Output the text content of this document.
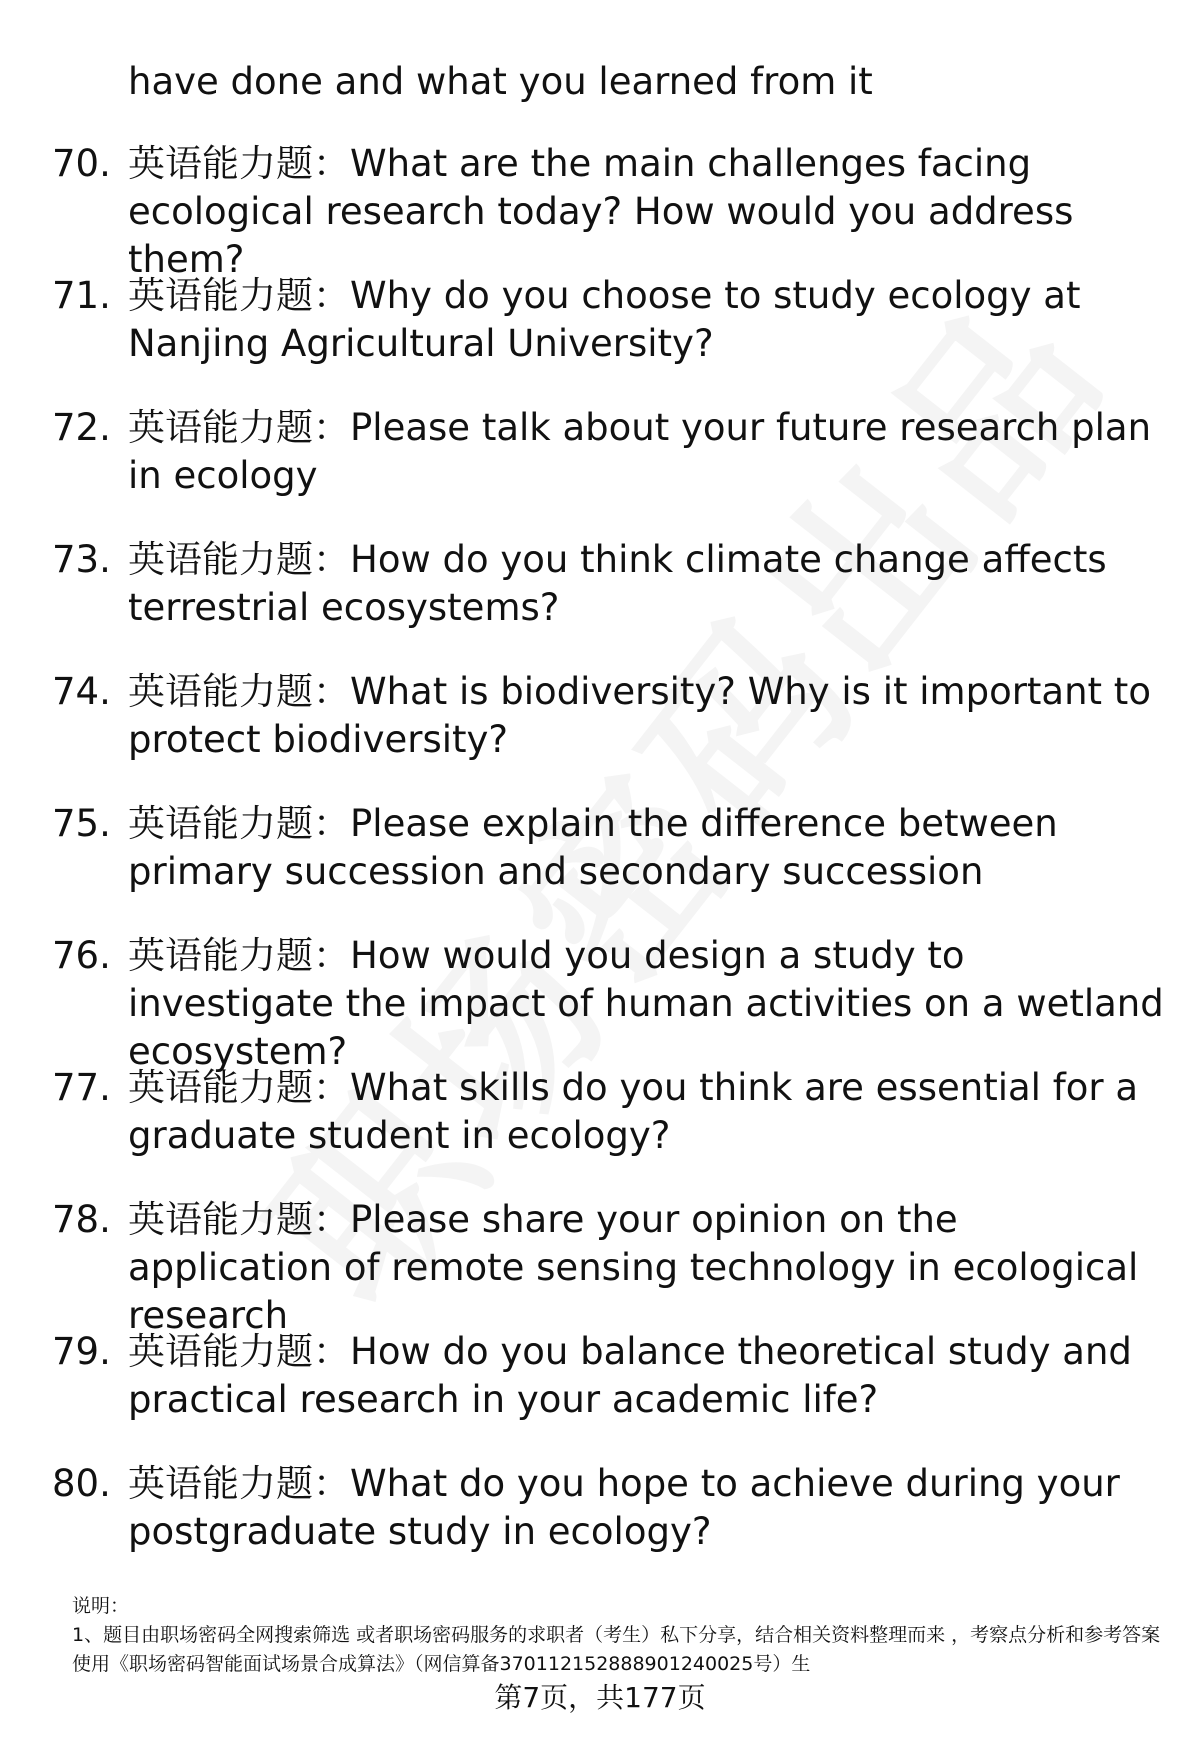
have done and what you learned from it
70. 英语能力题：What are the main challenges facing ecological research today? How would you address them?
71. 英语能力题：Why do you choose to study ecology at Nanjing Agricultural University?
72. 英语能力题：Please talk about your future research plan in ecology
73. 英语能力题：How do you think climate change affects terrestrial ecosystems?
74. 英语能力题：What is biodiversity? Why is it important to protect biodiversity?
75. 英语能力题：Please explain the difference between primary succession and secondary succession
76. 英语能力题：How would you design a study to investigate the impact of human activities on a wetland ecosystem?
77. 英语能力题：What skills do you think are essential for a graduate student in ecology?
78. 英语能力题：Please share your opinion on the application of remote sensing technology in ecological research
79. 英语能力题：How do you balance theoretical study and practical research in your academic life?
80. 英语能力题：What do you hope to achieve during your postgraduate study in ecology?
说明：
1、题目由职场密码全网搜索筛选 或者职场密码服务的求职者（考生）私下分享，结合相关资料整理而来 ，考察点分析和参考答案使用《职场密码智能面试场景合成算法》（网信算备370112152888901240025号）生
第7页，共177页
